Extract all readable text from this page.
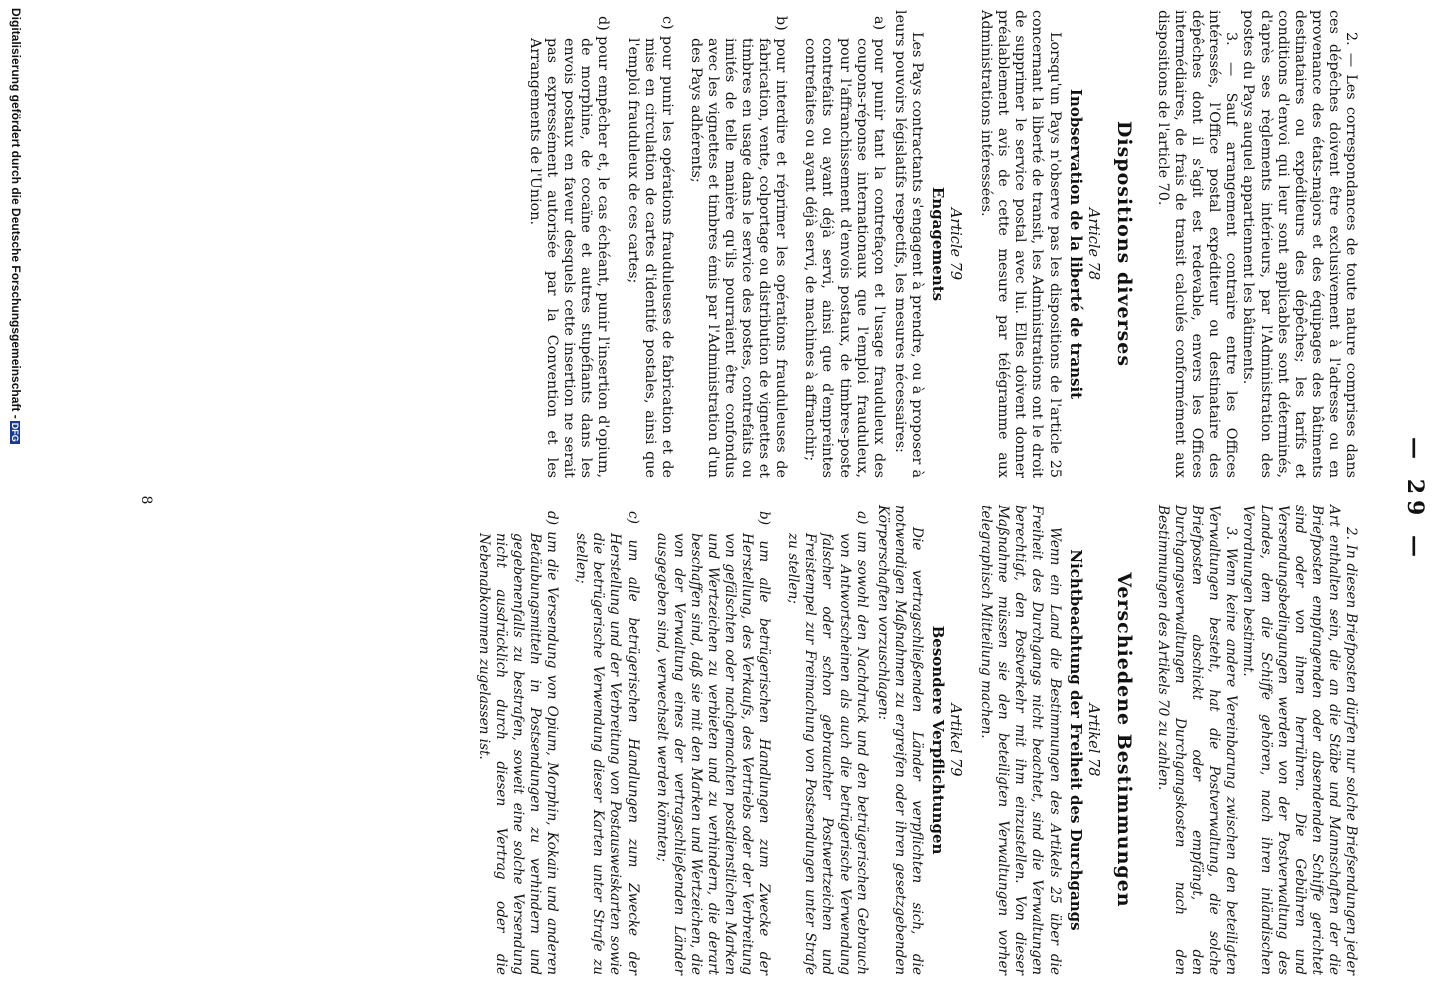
— 29 —

2. — Les correspondances de toute nature comprises dans ces dépêches doivent être exclusivement à l'adresse ou en provenance des états-majors et des équipages des bâtiments destinataires ou expéditeurs des dépêches; les tarifs et conditions d'envoi qui leur sont applicables sont déterminés, d'après ses règlements intérieurs, par l'Administration des postes du Pays auquel appartiennent les bâtiments.

3. — Sauf arrangement contraire entre les Offices intéressés, l'Office postal expéditeur ou destinataire des dépêches dont il s'agit est redevable, envers les Offices intermédiaires, de frais de transit calculés conformément aux dispositions de l'article 70.

Dispositions diverses
Article 78
Inobservation de la liberté de transit

Lorsqu'un Pays n'observe pas les dispositions de l'article 25 concernant la liberté de transit, les Administrations ont le droit de supprimer le service postal avec lui. Elles doivent donner préalablement avis de cette mesure par télégramme aux Administrations intéressées.

Article 79
Engagements

Les Pays contractants s'engagent à prendre, ou à proposer à leurs pouvoirs législatifs respectifs, les mesures nécessaires:

a) pour punir tant la contrefaçon et l'usage frauduleux des coupons-réponse internationaux que l'emploi frauduleux, pour l'affranchissement d'envois postaux, de timbres-poste contrefaits ou ayant déjà servi, ainsi que d'empreintes contrefaites ou ayant déjà servi, de machines à affranchir;

b) pour interdire et réprimer les opérations frauduleuses de fabrication, vente, colportage ou distribution de vignettes et timbres en usage dans le service des postes, contrefaits ou imités de telle manière qu'ils pourraient être confondus avec les vignettes et timbres émis par l'Administration d'un des Pays adhérents;

c) pour punir les opérations frauduleuses de fabrication et de mise en circulation de cartes d'identité postales, ainsi que l'emploi frauduleux de ces cartes;

d) pour empêcher et, le cas échéant, punir l'insertion d'opium, de morphine, de cocaïne et autres stupéfiants dans les envois postaux en faveur desquels cette insertion ne serait pas expressément autorisée par la Convention et les Arrangements de l'Union.

2. In diesen Briefposten dürfen nur solche Briefsendungen jeder Art enthalten sein, die an die Stäbe und Mannschaften der die Briefposten empfangenden oder absendenden Schiffe gerichtet sind oder von ihnen herrühren. Die Gebühren und Versendungsbedingungen werden von der Postverwaltung des Landes, dem die Schiffe gehören, nach ihren inländischen Verordnungen bestimmt.

3. Wenn keine andere Vereinbarung zwischen den beteiligten Verwaltungen besteht, hat die Postverwaltung, die solche Briefposten abschickt oder empfängt, den Durchgangsverwaltungen Durchgangskosten nach den Bestimmungen des Artikels 70 zu zahlen.

Verschiedene Bestimmungen
Artikel 78
Nichtbeachtung der Freiheit des Durchgangs

Wenn ein Land die Bestimmungen des Artikels 25 über die Freiheit des Durchgangs nicht beachtet, sind die Verwaltungen berechtigt, den Postverkehr mit ihm einzustellen. Von dieser Maßnahme müssen sie den beteiligten Verwaltungen vorher telegraphisch Mitteilung machen.

Artikel 79
Besondere Verpflichtungen

Die vertragschließenden Länder verpflichten sich, die notwendigen Maßnahmen zu ergreifen oder ihren gesetzgebenden Körperschaften vorzuschlagen:

a) um sowohl den Nachdruck und den betrügerischen Gebrauch von Antwortscheinen als auch die betrügerische Verwendung falscher oder schon gebrauchter Postwertzeichen und Freistempel zur Freimachung von Postsendungen unter Strafe zu stellen;

b) um alle betrügerischen Handlungen zum Zwecke der Herstellung, des Verkaufs, des Vertriebs oder der Verbreitung von gefälschten oder nachgemachten postdienstlichen Marken und Wertzeichen zu verbieten und zu verhindern, die derart beschaffen sind, daß sie mit den Marken und Wertzeichen, die von der Verwaltung eines der vertragschließenden Länder ausgegeben sind, verwechselt werden könnten;

c) um alle betrügerischen Handlungen zum Zwecke der Herstellung und der Verbreitung von Postausweiskarten sowie die betrügerische Verwendung dieser Karten unter Strafe zu stellen;

d) um die Versendung von Opium, Morphin, Kokain und anderen Betäubungsmitteln in Postsendungen zu verhindern und gegebenenfalls zu bestrafen, soweit eine solche Versendung nicht ausdrücklich durch diesen Vertrag oder die Nebenabkommen zugelassen ist.

8
Digitalisierung gefördert durch die Deutsche Forschungsgemeinschaft -DFG
